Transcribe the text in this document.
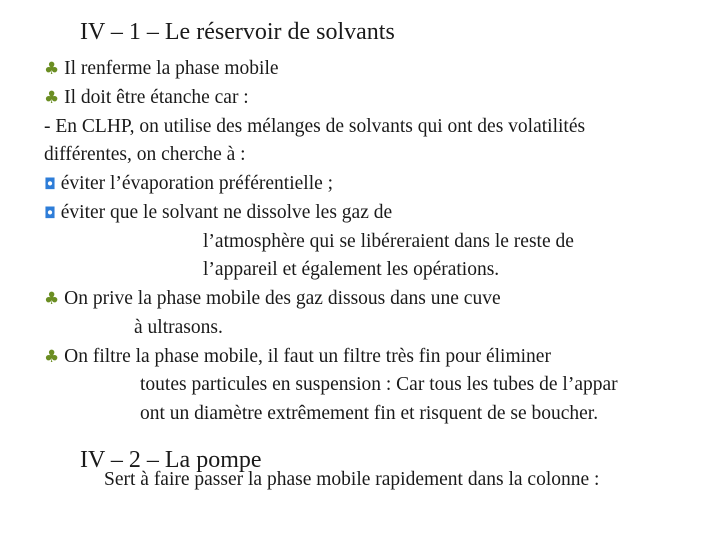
IV – 1 – Le réservoir de solvants
♣ Il renferme la phase mobile
♣ Il doit être étanche car :
- En CLHP, on utilise des mélanges de solvants qui ont des volatilités
différentes, on cherche à :
◘ éviter l’évaporation préférentielle ;
◘ éviter que le solvant ne dissolve les gaz de
l’atmosphère qui se libéreraient dans le reste de
l’appareil et également les opérations.
♣ On prive la phase mobile des gaz dissous dans une cuve
à ultrasons.
♣ On filtre la phase mobile, il faut un filtre très fin pour éliminer
toutes particules en suspension : Car tous les tubes de l’appar
ont un diamètre extrêmement fin et risquent de se boucher.
IV – 2 – La pompe
Sert à faire passer la phase mobile rapidement dans la colonne :
